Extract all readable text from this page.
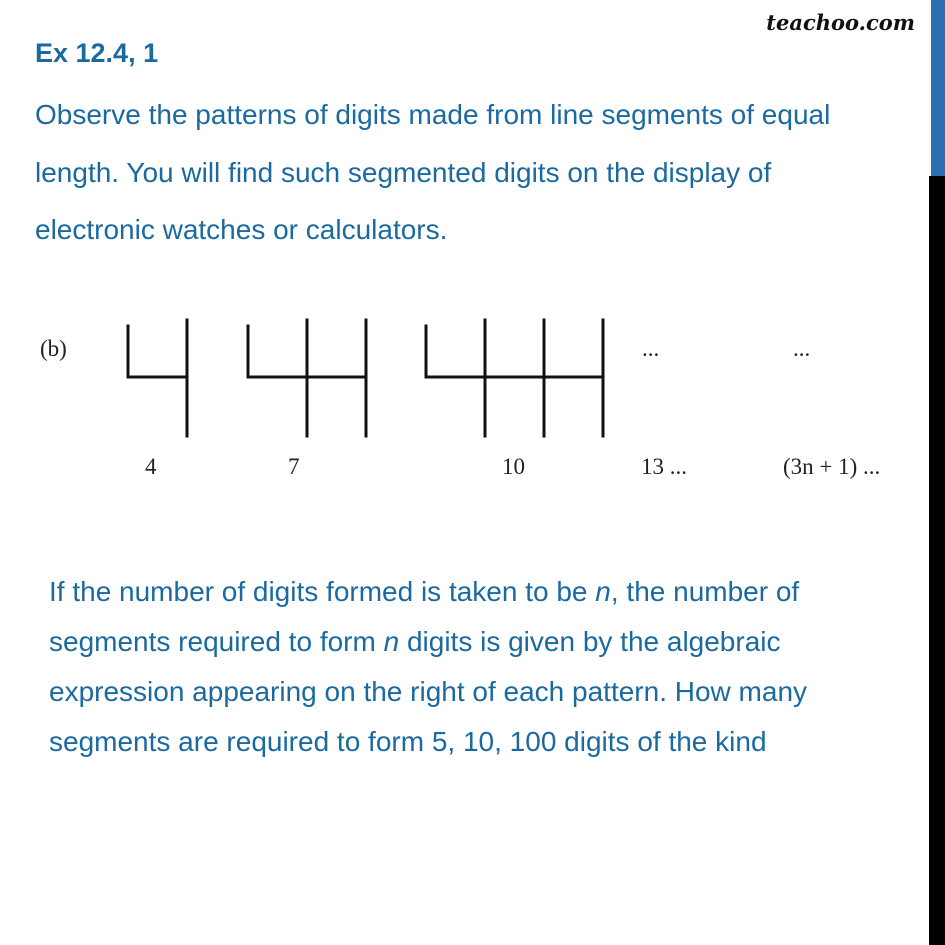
teachoo.com
Ex 12.4, 1
Observe the patterns of digits made from line segments of equal length. You will find such segmented digits on the display of electronic watches or calculators.
(b)	...	...
4	7	10	13 ...	(3n + 1) ...
If the number of digits formed is taken to be n, the number of segments required to form n digits is given by the algebraic expression appearing on the right of each pattern. How many segments are required to form 5, 10, 100 digits of the kind
